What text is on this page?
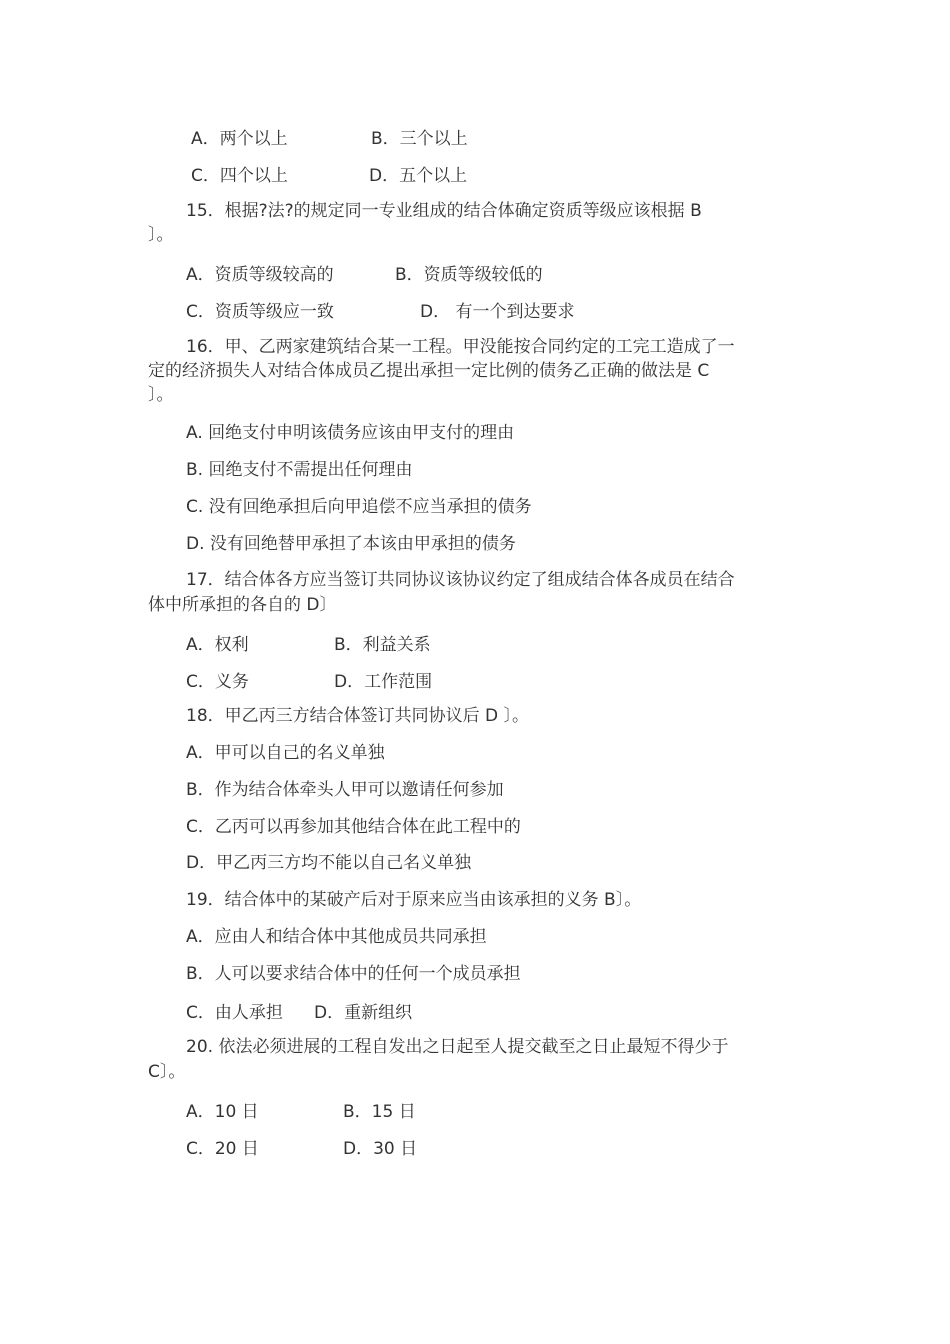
A．两个以上	B．三个以上
C．四个以上	D．五个以上
15．根据?法?的规定同一专业组成的结合体确定资质等级应该根据 B
〕。
A．资质等级较高的	B．资质等级较低的
C．资质等级应一致	D． 有一个到达要求
16．甲、乙两家建筑结合某一工程。甲没能按合同约定的工完工造成了一
定的经济损失人对结合体成员乙提出承担一定比例的债务乙正确的做法是 C
〕。
A. 回绝支付申明该债务应该由甲支付的理由
B. 回绝支付不需提出任何理由
C. 没有回绝承担后向甲追偿不应当承担的债务
D. 没有回绝替甲承担了本该由甲承担的债务
17．结合体各方应当签订共同协议该协议约定了组成结合体各成员在结合
体中所承担的各自的 D〕
A．权利	B．利益关系
C．义务	D．工作范围
18．甲乙丙三方结合体签订共同协议后 D 〕。
A．甲可以自己的名义单独
B．作为结合体牵头人甲可以邀请任何参加
C．乙丙可以再参加其他结合体在此工程中的
D．甲乙丙三方均不能以自己名义单独
19．结合体中的某破产后对于原来应当由该承担的义务 B〕。
A．应由人和结合体中其他成员共同承担
B．人可以要求结合体中的任何一个成员承担
C．由人承担 D．重新组织
20. 依法必须进展的工程自发出之日起至人提交截至之日止最短不得少于
C〕。
A．10 日	B．15 日
C．20 日	D．30 日
